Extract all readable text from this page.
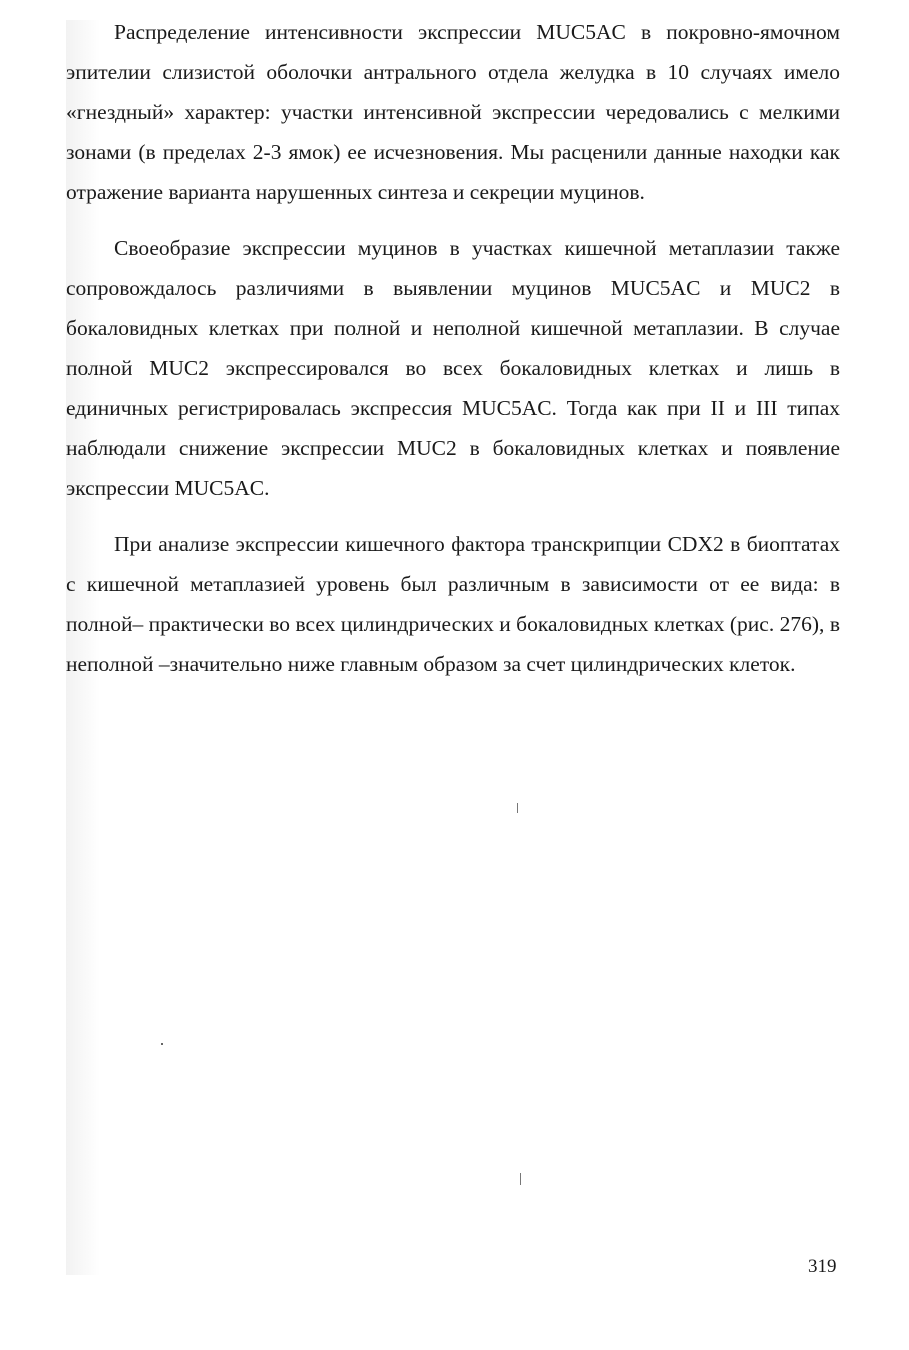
Распределение интенсивности экспрессии MUC5AC в покровно-ямочном эпителии слизистой оболочки антрального отдела желудка в 10 случаях имело «гнездный» характер: участки интенсивной экспрессии чередовались с мелкими зонами (в пределах 2-3 ямок) ее исчезновения. Мы расценили данные находки как отражение варианта нарушенных синтеза и секреции муцинов.

Своеобразие экспрессии муцинов в участках кишечной метаплазии также сопровождалось различиями в выявлении муцинов MUC5AC и MUC2 в бокаловидных клетках при полной и неполной кишечной метаплазии. В случае полной MUC2 экспрессировался во всех бокаловидных клетках и лишь в единичных регистрировалась экспрессия MUC5AC. Тогда как при II и III типах наблюдали снижение экспрессии MUC2 в бокаловидных клетках и появление экспрессии MUC5AC.

При анализе экспрессии кишечного фактора транскрипции CDX2 в биоптатах с кишечной метаплазией уровень был различным в зависимости от ее вида: в полной– практически во всех цилиндрических и бокаловидных клетках (рис. 276), в неполной –значительно ниже главным образом за счет цилиндрических клеток.

319
